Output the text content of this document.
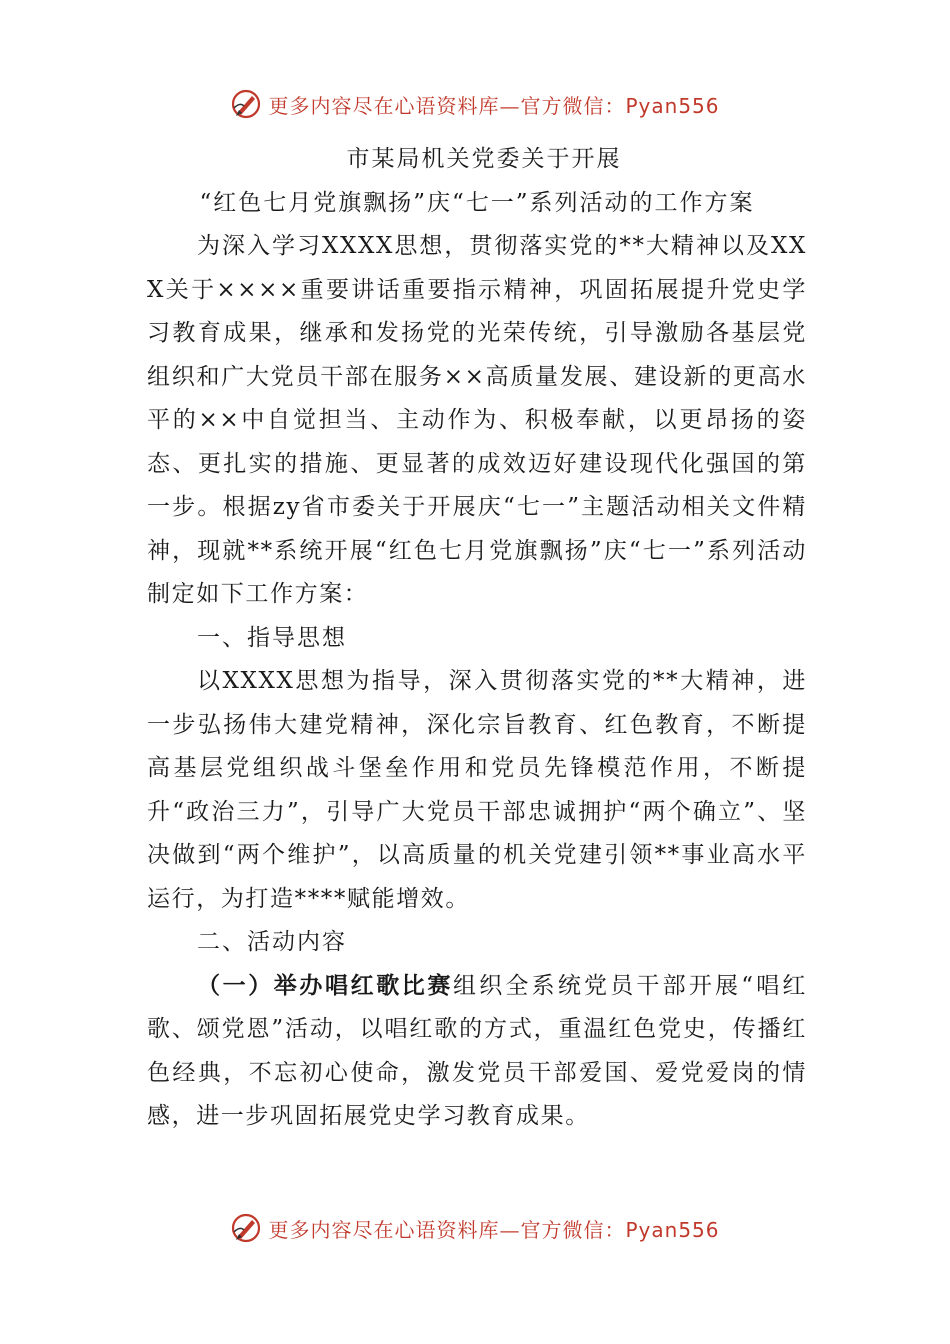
更多内容尽在心语资料库—官方微信：Pyan556
市某局机关党委关于开展
“红色七月党旗飘扬”庆“七一”系列活动的工作方案

为深入学习XXXX思想，贯彻落实党的**大精神以及XXX关于××××重要讲话重要指示精神，巩固拓展提升党史学习教育成果，继承和发扬党的光荣传统，引导激励各基层党组织和广大党员干部在服务××高质量发展、建设新的更高水平的××中自觉担当、主动作为、积极奉献，以更昂扬的姿态、更扎实的措施、更显著的成效迈好建设现代化强国的第一步。根据zy省市委关于开展庆“七一”主题活动相关文件精神，现就**系统开展“红色七月党旗飘扬”庆“七一”系列活动制定如下工作方案：

一、指导思想

以XXXX思想为指导，深入贯彻落实党的**大精神，进一步弘扬伟大建党精神，深化宗旨教育、红色教育，不断提高基层党组织战斗堡垒作用和党员先锋模范作用，不断提升“政治三力”，引导广大党员干部忠诚拥护“两个确立”、坚决做到“两个维护”，以高质量的机关党建引领**事业高水平运行，为打造****赋能增效。

二、活动内容

（一）举办唱红歌比赛组织全系统党员干部开展“唱红歌、颂党恩”活动，以唱红歌的方式，重温红色党史，传播红色经典，不忘初心使命，激发党员干部爱国、爱党爱岗的情感，进一步巩固拓展党史学习教育成果。

更多内容尽在心语资料库—官方微信：Pyan556
